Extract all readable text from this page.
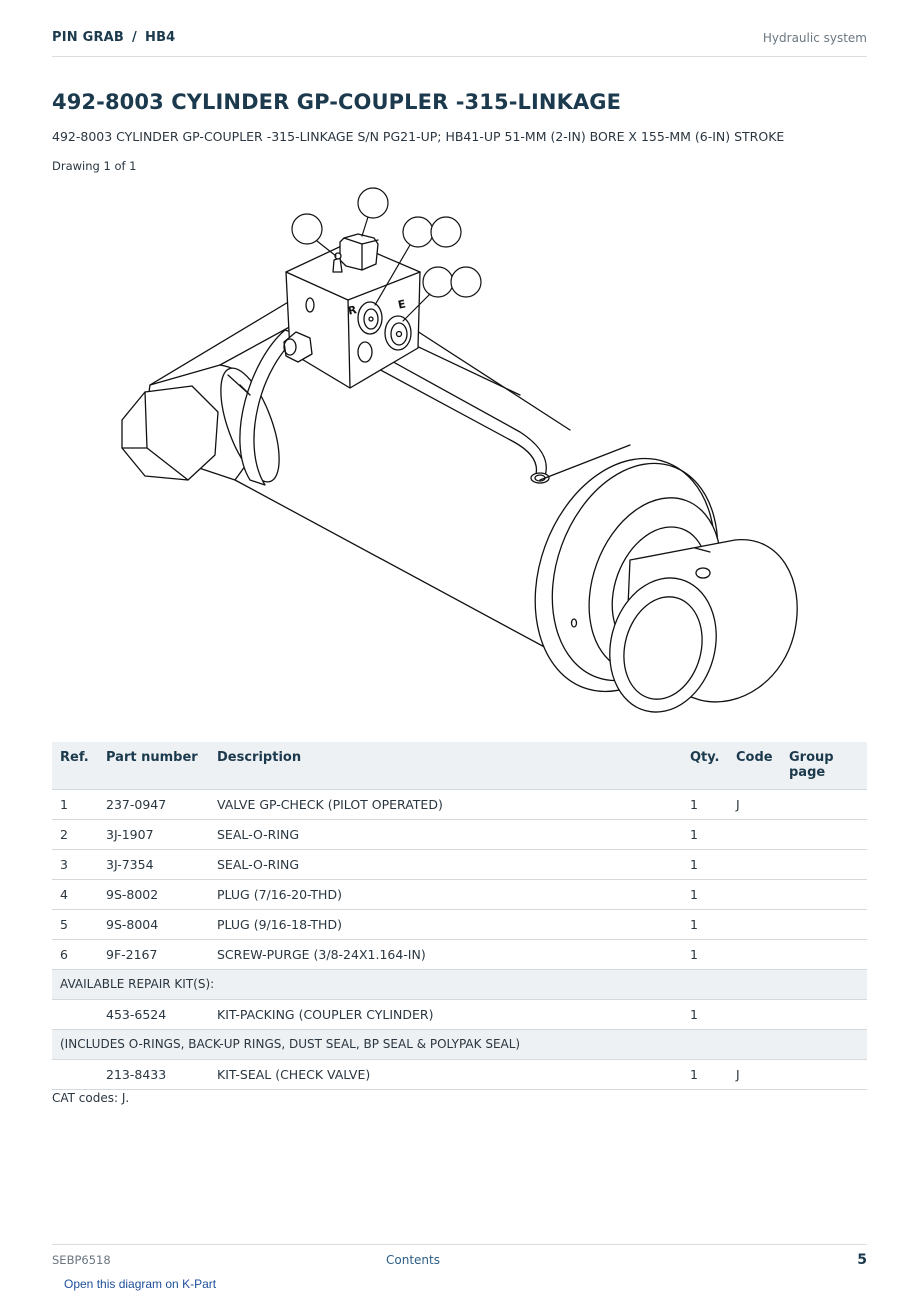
PIN GRAB / HB4	Hydraulic system
492-8003 CYLINDER GP-COUPLER -315-LINKAGE
492-8003 CYLINDER GP-COUPLER -315-LINKAGE S/N PG21-UP; HB41-UP 51-MM (2-IN) BORE X 155-MM (6-IN) STROKE
Drawing 1 of 1
R	E
Ref.	Part number	Description	Qty.	Code	Group page
1	237-0947	VALVE GP-CHECK (PILOT OPERATED)	1	J	
2	3J-1907	SEAL-O-RING	1		
3	3J-7354	SEAL-O-RING	1		
4	9S-8002	PLUG (7/16-20-THD)	1		
5	9S-8004	PLUG (9/16-18-THD)	1		
6	9F-2167	SCREW-PURGE (3/8-24X1.164-IN)	1		
AVAILABLE REPAIR KIT(S):					
	453-6524	KIT-PACKING (COUPLER CYLINDER)	1		
(INCLUDES O-RINGS, BACK-UP RINGS, DUST SEAL, BP SEAL & POLYPAK SEAL)					
	213-8433	KIT-SEAL (CHECK VALVE)	1	J	
CAT codes: J.
SEBP6518	Contents	5
Open this diagram on K-Part
